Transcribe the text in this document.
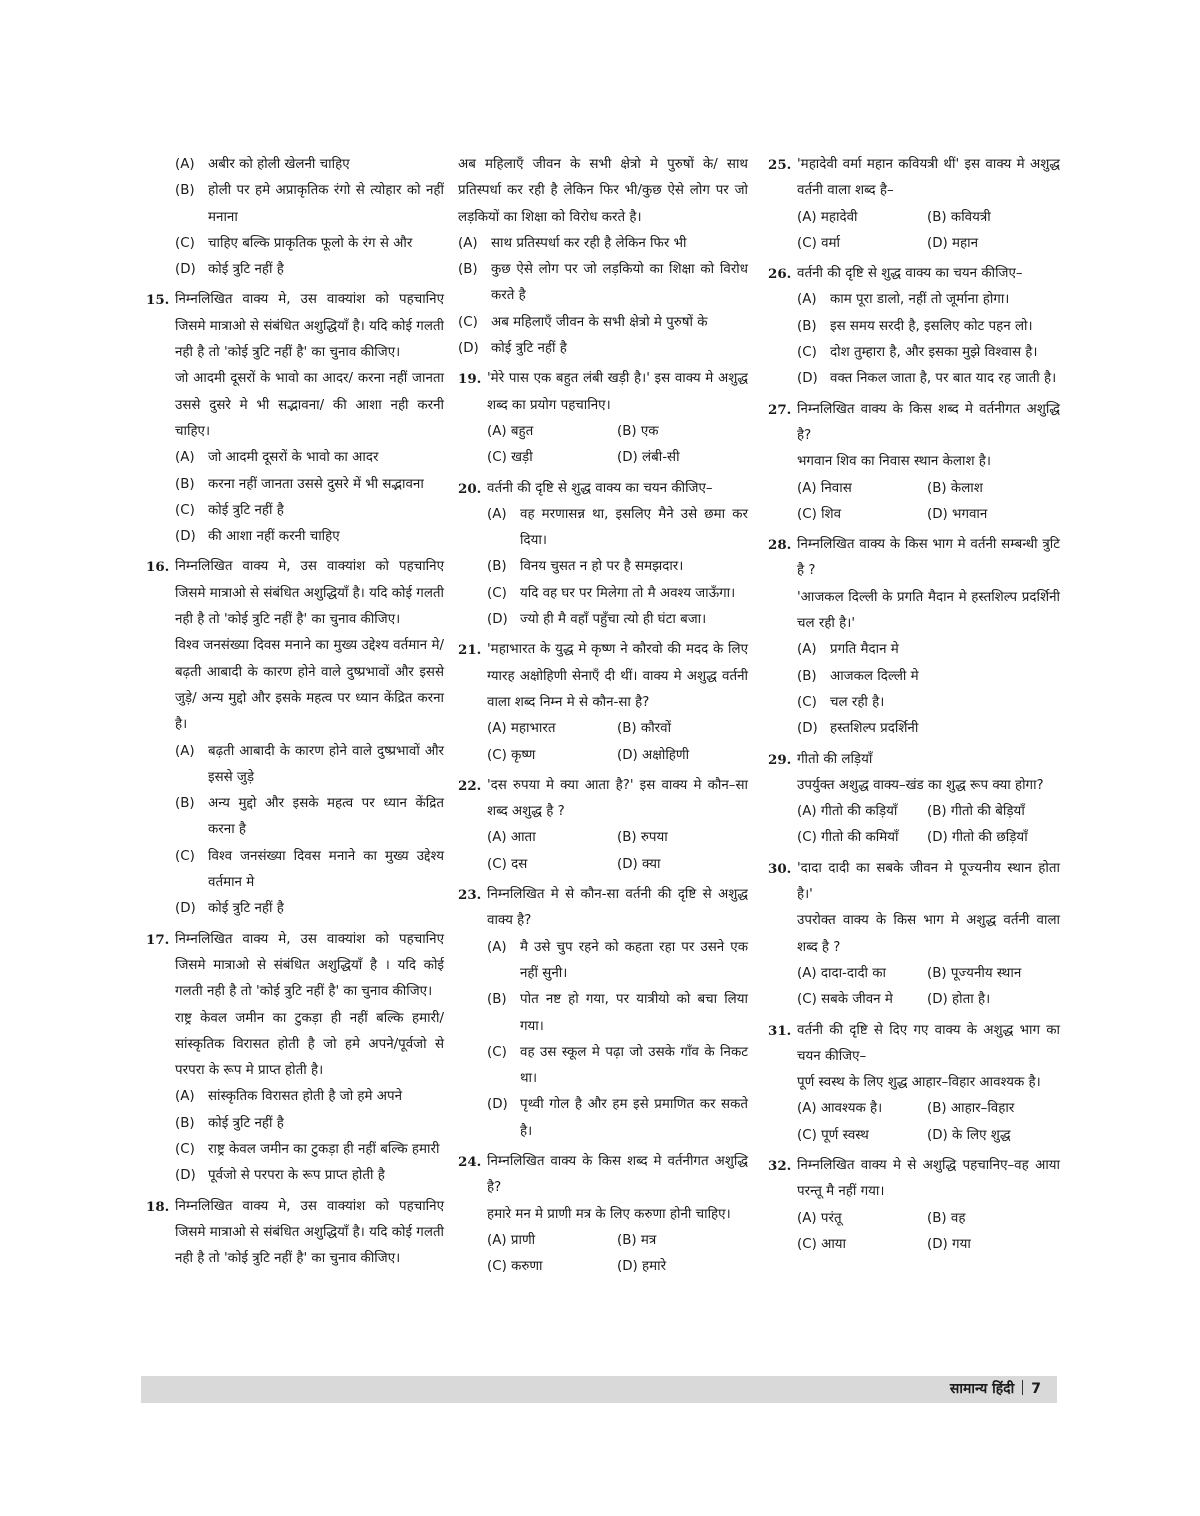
(A) अबीर को होली खेलनी चाहिए
(B) होली पर हमे अप्राकृतिक रंगो से त्योहार को नहीं मनाना
(C) चाहिए बल्कि प्राकृतिक फूलो के रंग से और
(D) कोई त्रुटि नहीं है
15. निम्नलिखित वाक्य मे, उस वाक्यांश को पहचानिए जिसमे मात्राओ से संबंधित अशुद्धियाँ है। यदि कोई गलती नही है तो 'कोई त्रुटि नहीं है' का चुनाव कीजिए।
जो आदमी दूसरों के भावो का आदर/ करना नहीं जानता उससे दुसरे मे भी सद्भावना/ की आशा नही करनी चाहिए।
(A) जो आदमी दूसरों के भावो का आदर
(B) करना नहीं जानता उससे दुसरे में भी सद्भावना
(C) कोई त्रुटि नहीं है
(D) की आशा नहीं करनी चाहिए
16. निम्नलिखित वाक्य मे, उस वाक्यांश को पहचानिए जिसमे मात्राओ से संबंधित अशुद्धियाँ है। यदि कोई गलती नही है तो 'कोई त्रुटि नहीं है' का चुनाव कीजिए।
विश्व जनसंख्या दिवस मनाने का मुख्य उद्देश्य वर्तमान मे/ बढ़ती आबादी के कारण होने वाले दुष्प्रभावों और इससे जुड़े/ अन्य मुद्दो और इसके महत्व पर ध्यान केंद्रित करना है।
(A) बढ़ती आबादी के कारण होने वाले दुष्प्रभावों और इससे जुड़े
(B) अन्य मुद्दो और इसके महत्व पर ध्यान केंद्रित करना है
(C) विश्व जनसंख्या दिवस मनाने का मुख्य उद्देश्य वर्तमान मे
(D) कोई त्रुटि नहीं है
17. निम्नलिखित वाक्य मे, उस वाक्यांश को पहचानिए जिसमे मात्राओ से संबंधित अशुद्धियाँ है । यदि कोई गलती नही है तो 'कोई त्रुटि नहीं है' का चुनाव कीजिए।
राष्ट्र केवल जमीन का टुकड़ा ही नहीं बल्कि हमारी/ सांस्कृतिक विरासत होती है जो हमे अपने/पूर्वजो से परपरा के रूप मे प्राप्त होती है।
(A) सांस्कृतिक विरासत होती है जो हमे अपने
(B) कोई त्रुटि नहीं है
(C) राष्ट्र केवल जमीन का टुकड़ा ही नहीं बल्कि हमारी
(D) पूर्वजो से परपरा के रूप प्राप्त होती है
18. निम्नलिखित वाक्य मे, उस वाक्यांश को पहचानिए जिसमे मात्राओ से संबंधित अशुद्धियाँ है। यदि कोई गलती नही है तो 'कोई त्रुटि नहीं है' का चुनाव कीजिए।
अब महिलाएँ जीवन के सभी क्षेत्रो मे पुरुषों के/ साथ प्रतिस्पर्धा कर रही है लेकिन फिर भी/कुछ ऐसे लोग पर जो लड़कियों का शिक्षा को विरोध करते है।
(A) साथ प्रतिस्पर्धा कर रही है लेकिन फिर भी
(B) कुछ ऐसे लोग पर जो लड़कियो का शिक्षा को विरोध करते है
(C) अब महिलाएँ जीवन के सभी क्षेत्रो मे पुरुषों के
(D) कोई त्रुटि नहीं है
19. 'मेरे पास एक बहुत लंबी खड़ी है।' इस वाक्य मे अशुद्ध शब्द का प्रयोग पहचानिए।
(A) बहुत	(B) एक
(C) खड़ी	(D) लंबी-सी
20. वर्तनी की दृष्टि से शुद्ध वाक्य का चयन कीजिए–
(A) वह मरणासन्न था, इसलिए मैने उसे छमा कर दिया।
(B) विनय चुसत न हो पर है समझदार।
(C) यदि वह घर पर मिलेगा तो मै अवश्य जाऊँगा।
(D) ज्यो ही मै वहाँ पहुँचा त्यो ही घंटा बजा।
21. 'महाभारत के युद्ध मे कृष्ण ने कौरवो की मदद के लिए ग्यारह अक्षोहिणी सेनाएँ दी थीं। वाक्य मे अशुद्ध वर्तनी वाला शब्द निम्न मे से कौन-सा है?
(A) महाभारत	(B) कौरवों
(C) कृष्ण	(D) अक्षोहिणी
22. 'दस रुपया मे क्या आता है?' इस वाक्य मे कौन–सा शब्द अशुद्ध है ?
(A) आता	(B) रुपया
(C) दस	(D) क्या
23. निम्नलिखित मे से कौन-सा वर्तनी की दृष्टि से अशुद्ध वाक्य है?
(A) मै उसे चुप रहने को कहता रहा पर उसने एक नहीं सुनी।
(B) पोत नष्ट हो गया, पर यात्रीयो को बचा लिया गया।
(C) वह उस स्कूल मे पढ़ा जो उसके गाँव के निकट था।
(D) पृथ्वी गोल है और हम इसे प्रमाणित कर सकते है।
24. निम्नलिखित वाक्य के किस शब्द मे वर्तनीगत अशुद्धि है?
हमारे मन मे प्राणी मत्र के लिए करुणा होनी चाहिए।
(A) प्राणी	(B) मत्र
(C) करुणा	(D) हमारे
25. 'महादेवी वर्मा महान कवियत्री थीं' इस वाक्य मे अशुद्ध वर्तनी वाला शब्द है–
(A) महादेवी	(B) कवियत्री
(C) वर्मा	(D) महान
26. वर्तनी की दृष्टि से शुद्ध वाक्य का चयन कीजिए–
(A) काम पूरा डालो, नहीं तो जूर्माना होगा।
(B) इस समय सरदी है, इसलिए कोट पहन लो।
(C) दोश तुम्हारा है, और इसका मुझे विश्वास है।
(D) वक्त निकल जाता है, पर बात याद रह जाती है।
27. निम्नलिखित वाक्य के किस शब्द मे वर्तनीगत अशुद्धि है?
भगवान शिव का निवास स्थान केलाश है।
(A) निवास	(B) केलाश
(C) शिव	(D) भगवान
28. निम्नलिखित वाक्य के किस भाग मे वर्तनी सम्बन्धी त्रुटि है ?
'आजकल दिल्ली के प्रगति मैदान मे हस्तशिल्प प्रदर्शिनी चल रही है।'
(A) प्रगति मैदान मे
(B) आजकल दिल्ली मे
(C) चल रही है।
(D) हस्तशिल्प प्रदर्शिनी
29. गीतो की लड़ियाँ
उपर्युक्त अशुद्ध वाक्य–खंड का शुद्ध रूप क्या होगा?
(A) गीतो की कड़ियाँ	(B) गीतो की बेड़ियाँ
(C) गीतो की कमियाँ	(D) गीतो की छड़ियाँ
30. 'दादा दादी का सबके जीवन मे पूज्यनीय स्थान होता है।'
उपरोक्त वाक्य के किस भाग मे अशुद्ध वर्तनी वाला शब्द है ?
(A) दादा-दादी का	(B) पूज्यनीय स्थान
(C) सबके जीवन मे	(D) होता है।
31. वर्तनी की दृष्टि से दिए गए वाक्य के अशुद्ध भाग का चयन कीजिए–
पूर्ण स्वस्थ के लिए शुद्ध आहार–विहार आवश्यक है।
(A) आवश्यक है।	(B) आहार–विहार
(C) पूर्ण स्वस्थ	(D) के लिए शुद्ध
32. निम्नलिखित वाक्य मे से अशुद्धि पहचानिए–वह आया परन्तू मै नहीं गया।
(A) परंतू	(B) वह
(C) आया	(D) गया
सामान्य हिंदी 7
